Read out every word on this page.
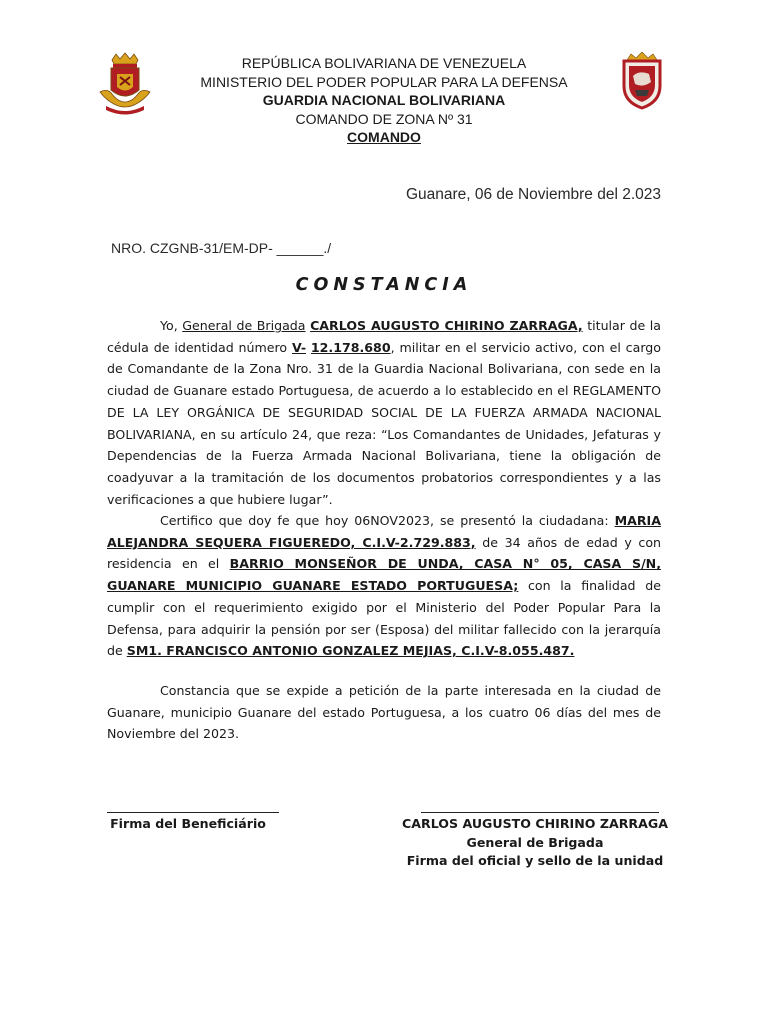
REPÚBLICA BOLIVARIANA DE VENEZUELA
MINISTERIO DEL PODER POPULAR PARA LA DEFENSA
GUARDIA NACIONAL BOLIVARIANA
COMANDO DE ZONA Nº 31
COMANDO
Guanare, 06 de Noviembre del 2.023
NRO. CZGNB-31/EM-DP- ______./
CONSTANCIA
Yo, General de Brigada CARLOS AUGUSTO CHIRINO ZARRAGA, titular de la cédula de identidad número V- 12.178.680, militar en el servicio activo, con el cargo de Comandante de la Zona Nro. 31 de la Guardia Nacional Bolivariana, con sede en la ciudad de Guanare estado Portuguesa, de acuerdo a lo establecido en el REGLAMENTO DE LA LEY ORGÁNICA DE SEGURIDAD SOCIAL DE LA FUERZA ARMADA NACIONAL BOLIVARIANA, en su artículo 24, que reza: “Los Comandantes de Unidades, Jefaturas y Dependencias de la Fuerza Armada Nacional Bolivariana, tiene la obligación de coadyuvar a la tramitación de los documentos probatorios correspondientes y a las verificaciones a que hubiere lugar”.
Certifico que doy fe que hoy 06NOV2023, se presentó la ciudadana: MARIA ALEJANDRA SEQUERA FIGUEREDO, C.I.V-2.729.883, de 34 años de edad y con residencia en el BARRIO MONSEÑOR DE UNDA, CASA N° 05, CASA S/N, GUANARE MUNICIPIO GUANARE ESTADO PORTUGUESA; con la finalidad de cumplir con el requerimiento exigido por el Ministerio del Poder Popular Para la Defensa, para adquirir la pensión por ser (Esposa) del militar fallecido con la jerarquía de SM1. FRANCISCO ANTONIO GONZALEZ MEJIAS, C.I.V-8.055.487.
Constancia que se expide a petición de la parte interesada en la ciudad de Guanare, municipio Guanare del estado Portuguesa, a los cuatro 06 días del mes de Noviembre del 2023.
Firma del Beneficiário	CARLOS AUGUSTO CHIRINO ZARRAGA
General de Brigada
Firma del oficial y sello de la unidad
